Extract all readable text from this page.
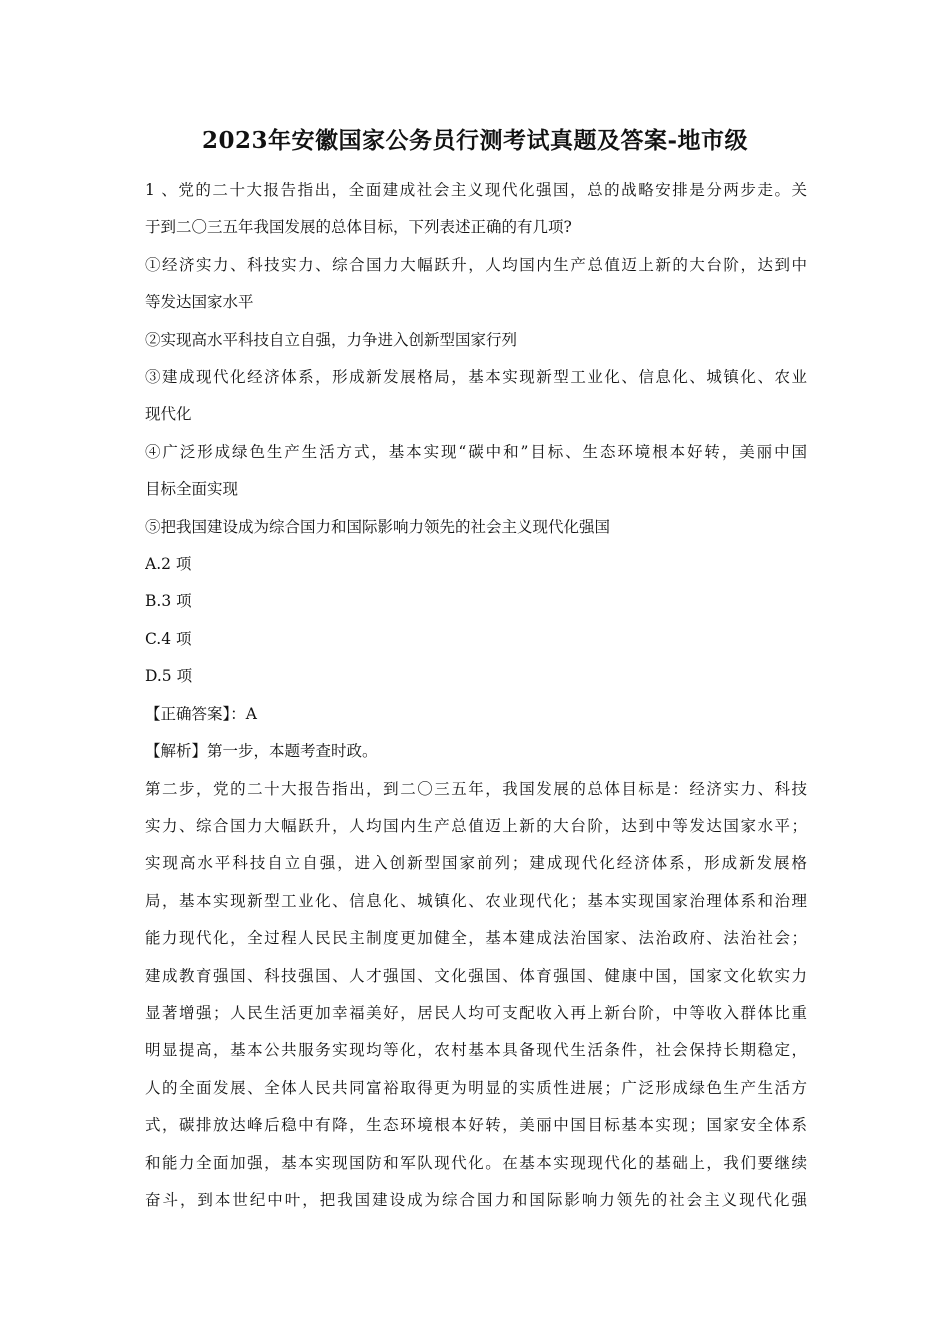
2023年安徽国家公务员行测考试真题及答案-地市级
1 、党的二十大报告指出，全面建成社会主义现代化强国，总的战略安排是分两步走。关
于到二〇三五年我国发展的总体目标，下列表述正确的有几项?
①经济实力、科技实力、综合国力大幅跃升，人均国内生产总值迈上新的大台阶，达到中
等发达国家水平
②实现高水平科技自立自强，力争进入创新型国家行列
③建成现代化经济体系，形成新发展格局，基本实现新型工业化、信息化、城镇化、农业
现代化
④广泛形成绿色生产生活方式，基本实现“碳中和”目标、生态环境根本好转，美丽中国
目标全面实现
⑤把我国建设成为综合国力和国际影响力领先的社会主义现代化强国
A.2 项
B.3 项
C.4 项
D.5 项
【正确答案】：A
【解析】第一步，本题考查时政。
第二步，党的二十大报告指出，到二〇三五年，我国发展的总体目标是：经济实力、科技
实力、综合国力大幅跃升，人均国内生产总值迈上新的大台阶，达到中等发达国家水平；
实现高水平科技自立自强，进入创新型国家前列；建成现代化经济体系，形成新发展格
局，基本实现新型工业化、信息化、城镇化、农业现代化；基本实现国家治理体系和治理
能力现代化，全过程人民民主制度更加健全，基本建成法治国家、法治政府、法治社会；
建成教育强国、科技强国、人才强国、文化强国、体育强国、健康中国，国家文化软实力
显著增强；人民生活更加幸福美好，居民人均可支配收入再上新台阶，中等收入群体比重
明显提高，基本公共服务实现均等化，农村基本具备现代生活条件，社会保持长期稳定，
人的全面发展、全体人民共同富裕取得更为明显的实质性进展；广泛形成绿色生产生活方
式，碳排放达峰后稳中有降，生态环境根本好转，美丽中国目标基本实现；国家安全体系
和能力全面加强，基本实现国防和军队现代化。在基本实现现代化的基础上，我们要继续
奋斗，到本世纪中叶，把我国建设成为综合国力和国际影响力领先的社会主义现代化强
